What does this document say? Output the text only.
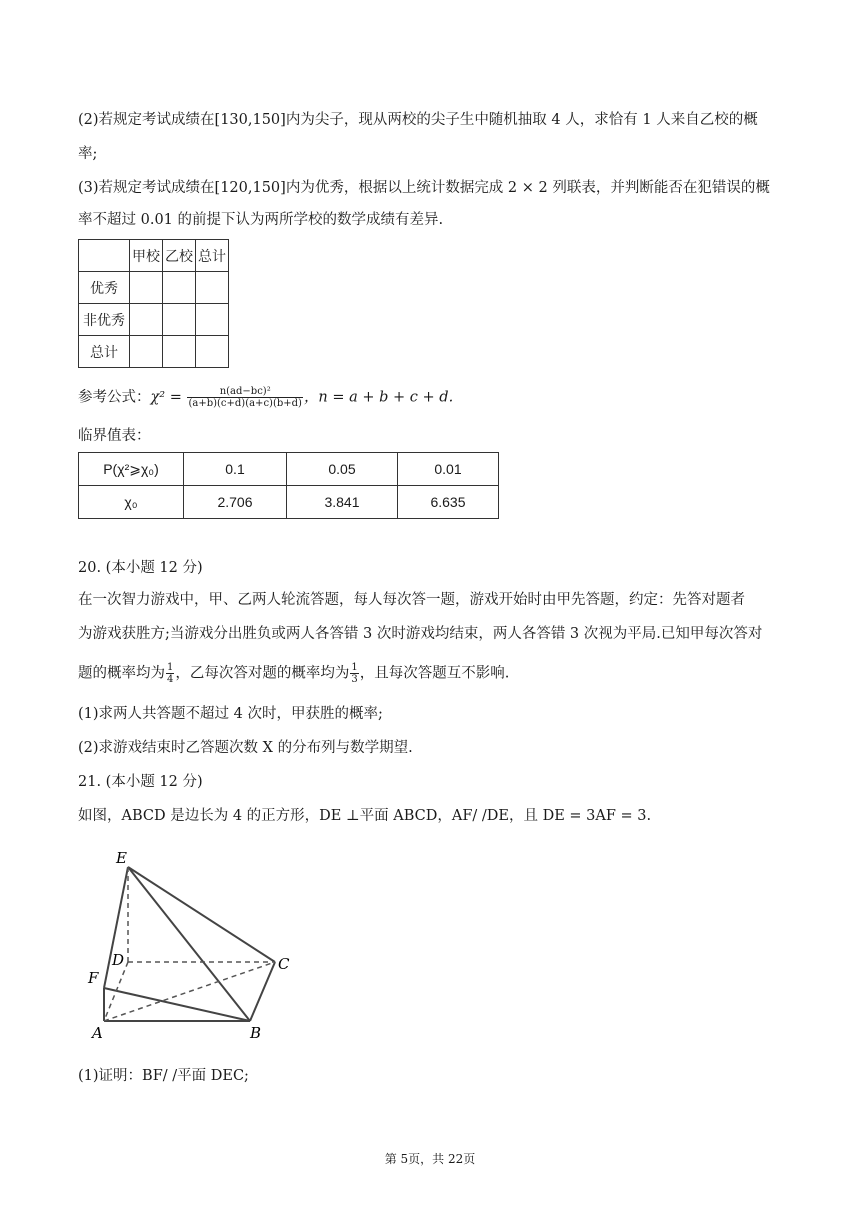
(2)若规定考试成绩在[130,150]内为尖子，现从两校的尖子生中随机抽取 4 人，求恰有 1 人来自乙校的概
率;
(3)若规定考试成绩在[120,150]内为优秀，根据以上统计数据完成 2 × 2 列联表，并判断能否在犯错误的概
率不超过 0.01 的前提下认为两所学校的数学成绩有差异.
	甲校	乙校	总计
优秀			
非优秀			
总计			
参考公式：$\chi^2 = \frac{\text{n(ad−bc)²}}{(a+b)(c+d)(a+c)(b+d)}$ ，n = a + b + c + d.
临界值表：
P(χ²⩾χ₀)	0.1	0.05	0.01
χ₀	2.706	3.841	6.635
20. (本小题 12 分)
在一次智力游戏中，甲、乙两人轮流答题，每人每次答一题，游戏开始时由甲先答题，约定：先答对题者
为游戏获胜方;当游戏分出胜负或两人各答错 3 次时游戏均结束，两人各答错 3 次视为平局.已知甲每次答对
题的概率均为 $\frac{1}{4}$ ，乙每次答对题的概率均为 $\frac{1}{3}$ ，且每次答题互不影响.
(1)求两人共答题不超过 4 次时，甲获胜的概率;
(2)求游戏结束时乙答题次数 X 的分布列与数学期望.
21. (本小题 12 分)
如图，ABCD 是边长为 4 的正方形，DE ⊥平面 ABCD，AF/ /DE，且 DE = 3AF = 3.
E
D	C
F
A	B
(1)证明：BF/ /平面 DEC;
第 5页，共 22页
